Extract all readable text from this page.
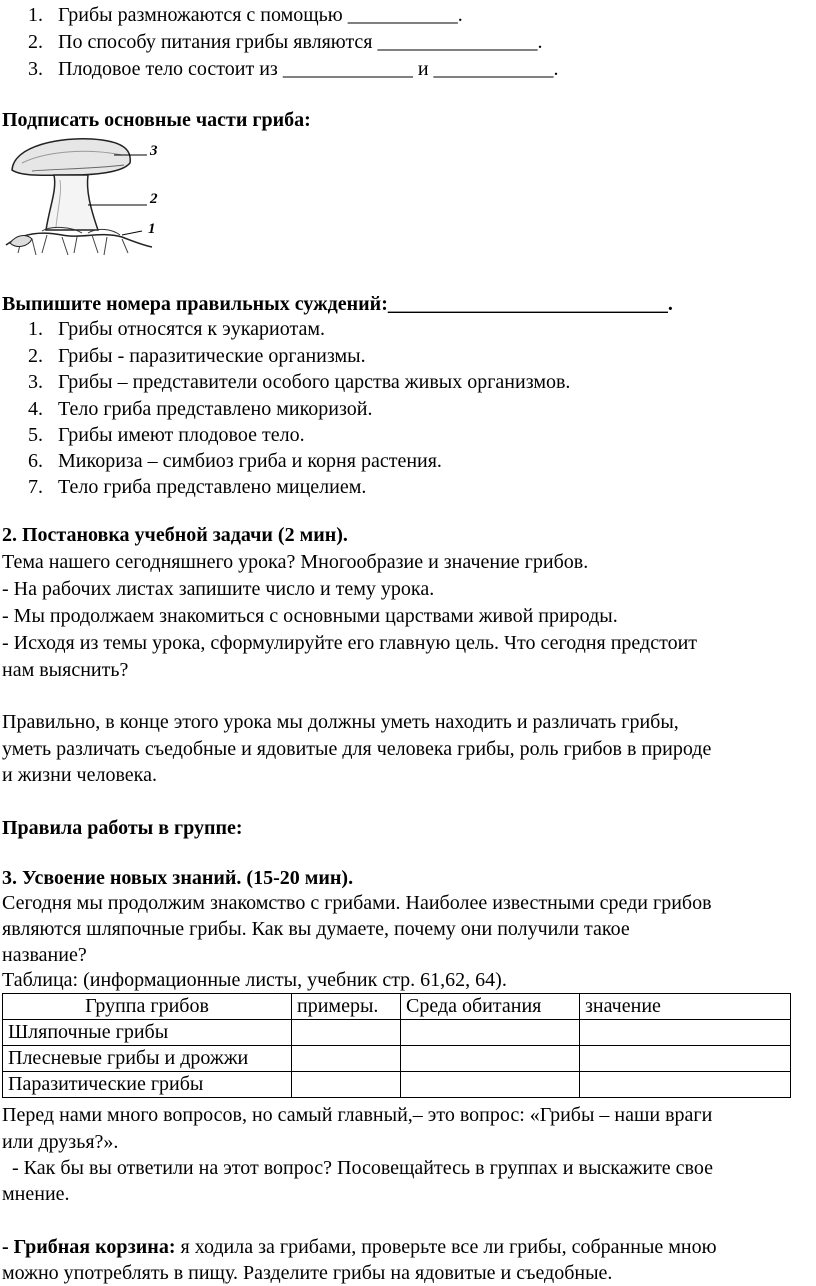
1. Грибы размножаются с помощью ___________.
2. По способу питания грибы являются ________________.
3. Плодовое тело состоит из _____________ и ____________.
Подписать основные части гриба:
3
2
1
Выпишите номера правильных суждений:____________________________.
1. Грибы относятся к эукариотам.
2. Грибы - паразитические организмы.
3. Грибы – представители особого царства живых организмов.
4. Тело гриба представлено микоризой.
5. Грибы имеют плодовое тело.
6. Микориза – симбиоз гриба и корня растения.
7. Тело гриба представлено мицелием.
2. Постановка учебной задачи (2 мин).
Тема нашего сегодняшнего урока? Многообразие и значение грибов.
- На рабочих листах запишите число и тему урока.
- Мы продолжаем знакомиться с основными царствами живой природы.
- Исходя из темы урока, сформулируйте его главную цель. Что сегодня предстоит
нам выяснить?
Правильно, в конце этого урока мы должны уметь находить и различать грибы,
уметь различать съедобные и ядовитые для человека грибы, роль грибов в природе
и жизни человека.
Правила работы в группе:
3. Усвоение новых знаний. (15-20 мин).
Сегодня мы продолжим знакомство с грибами. Наиболее известными среди грибов
являются шляпочные грибы. Как вы думаете, почему они получили такое
название?
Таблица: (информационные листы, учебник стр. 61,62, 64).
Группа грибов	примеры.	Среда обитания	значение
Шляпочные грибы			
Плесневые грибы и дрожжи			
Паразитические грибы			
Перед нами много вопросов, но самый главный,– это вопрос: «Грибы – наши враги
или друзья?».
- Как бы вы ответили на этот вопрос? Посовещайтесь в группах и выскажите свое
мнение.
- Грибная корзина: я ходила за грибами, проверьте все ли грибы, собранные мною
можно употреблять в пищу. Разделите грибы на ядовитые и съедобные.
